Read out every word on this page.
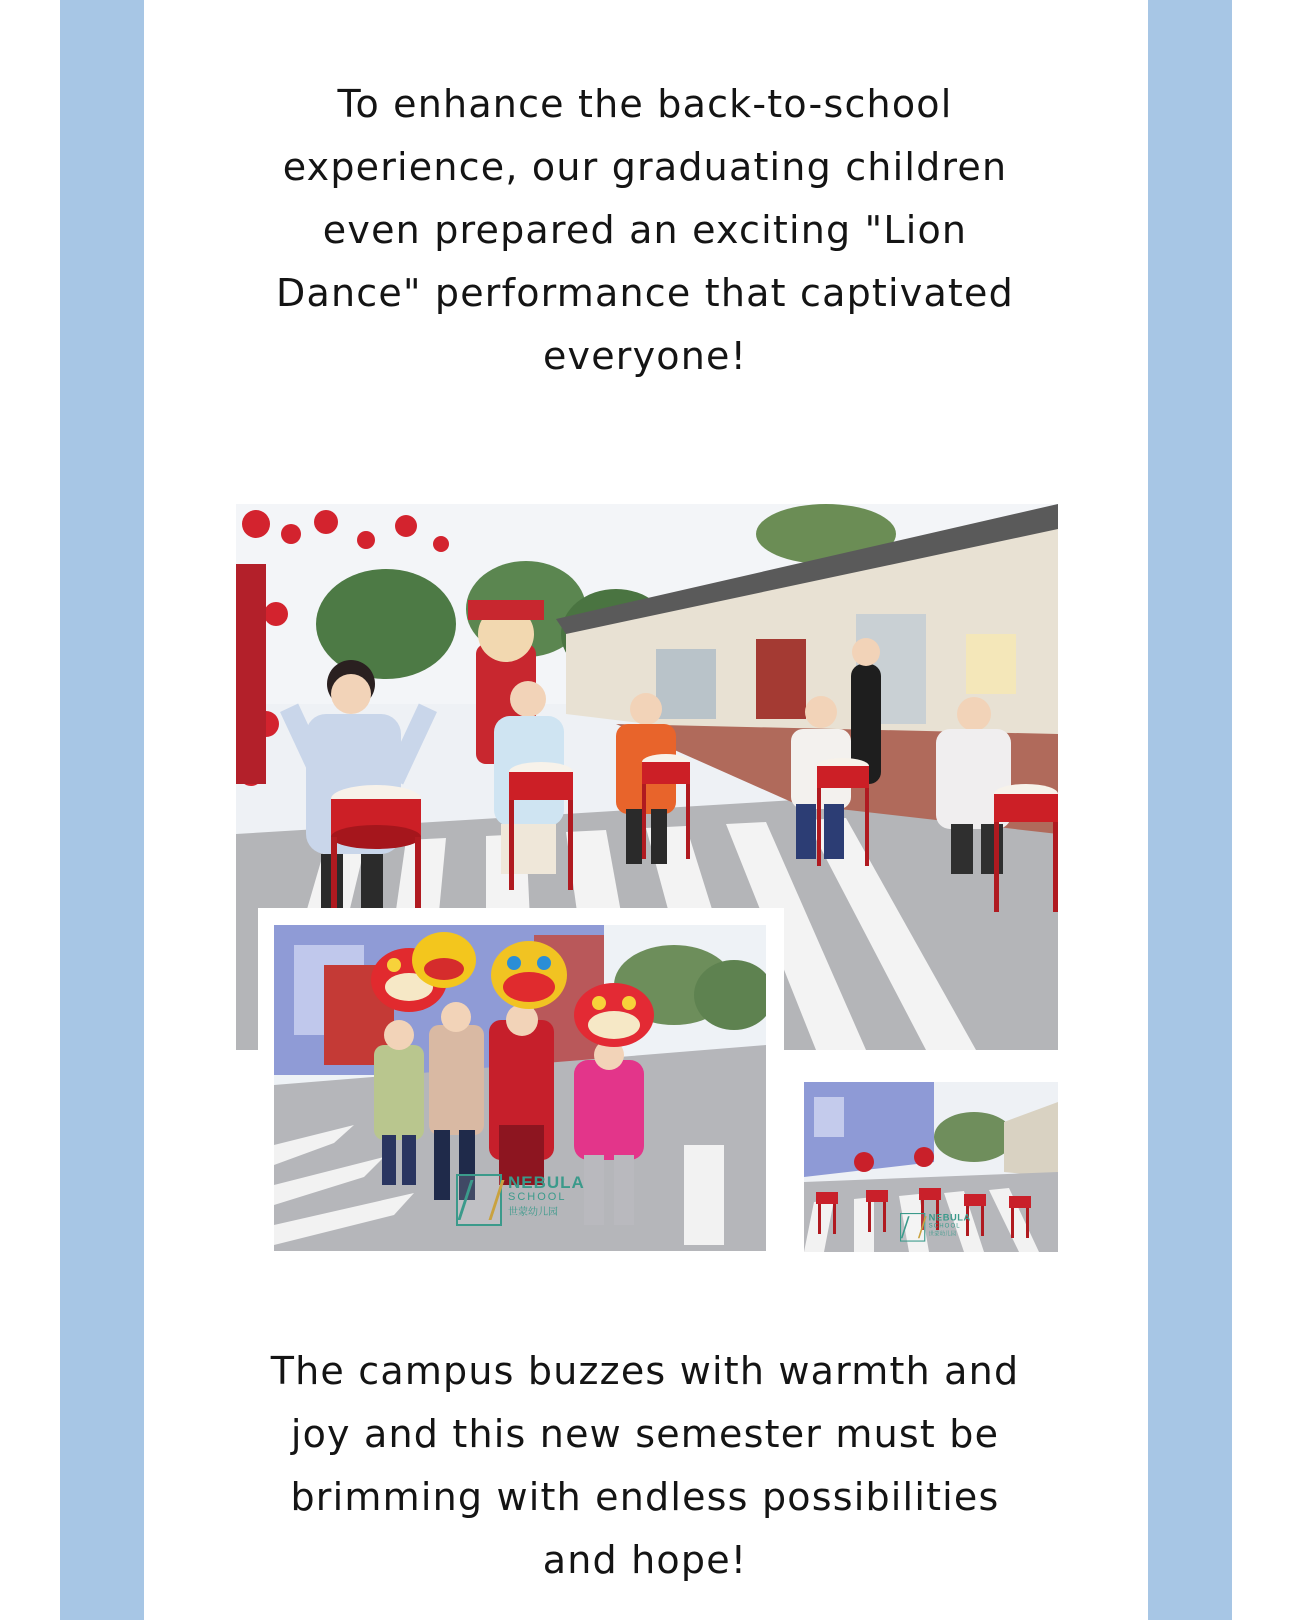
To enhance the back-to-school
experience, our graduating children
even prepared an exciting "Lion
Dance" performance that captivated
everyone!

NEBULA
SCHOOL
世蒙幼儿园	NEBULA
SCHOOL
世蒙幼儿园

The campus buzzes with warmth and
joy and this new semester must be
brimming with endless possibilities
and hope!
